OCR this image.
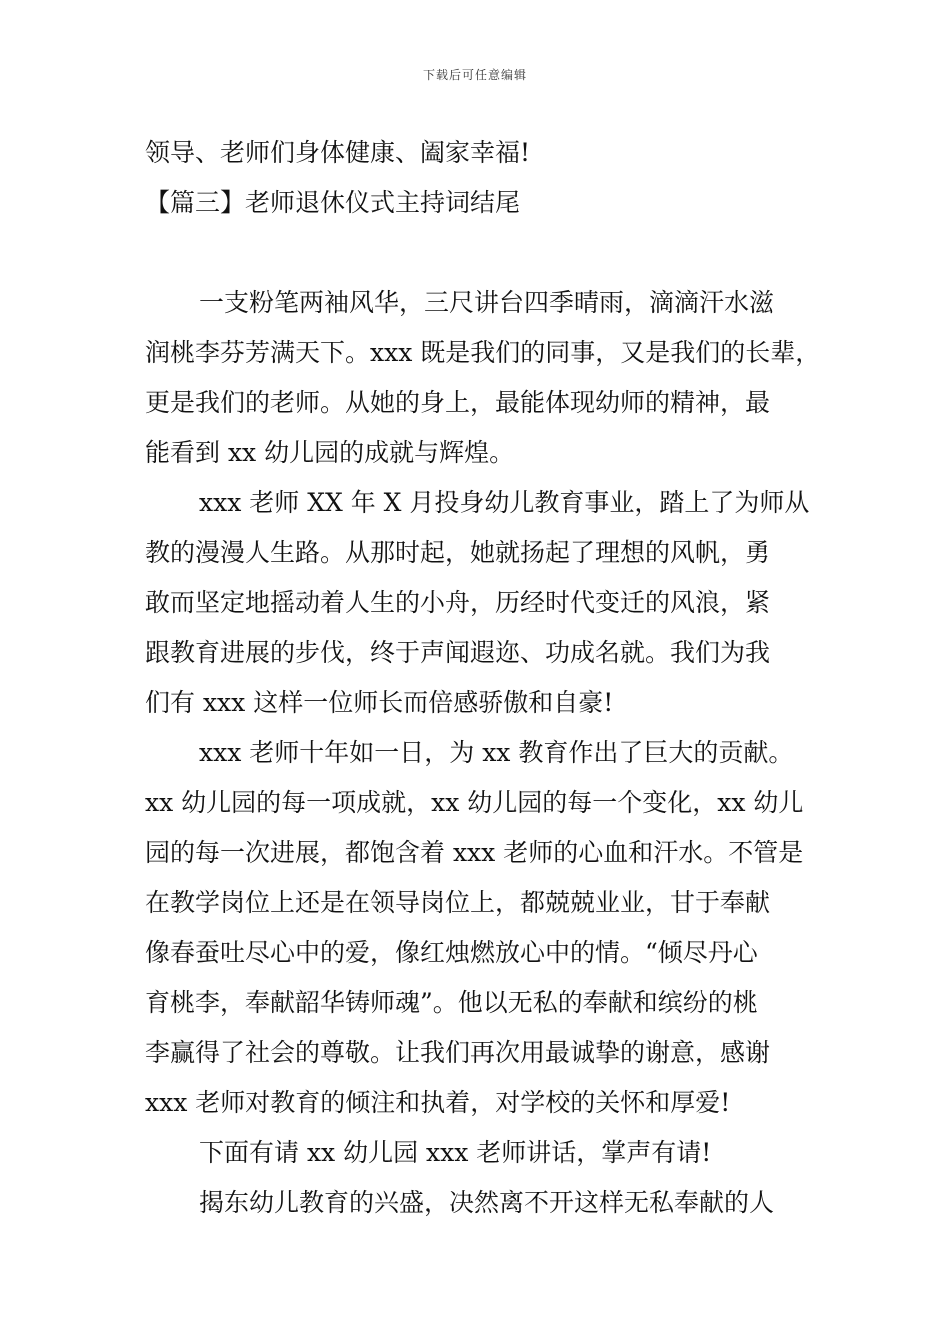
下载后可任意编辑
领导、老师们身体健康、阖家幸福!
【篇三】老师退休仪式主持词结尾
一支粉笔两袖风华，三尺讲台四季晴雨，滴滴汗水滋
润桃李芬芳满天下。xxx 既是我们的同事，又是我们的长辈，
更是我们的老师。从她的身上，最能体现幼师的精神，最
能看到 xx 幼儿园的成就与辉煌。
xxx 老师 XX 年 X 月投身幼儿教育事业，踏上了为师从
教的漫漫人生路。从那时起，她就扬起了理想的风帆，勇
敢而坚定地摇动着人生的小舟，历经时代变迁的风浪，紧
跟教育进展的步伐，终于声闻遐迩、功成名就。我们为我
们有 xxx 这样一位师长而倍感骄傲和自豪!
xxx 老师十年如一日，为 xx 教育作出了巨大的贡献。
xx 幼儿园的每一项成就，xx 幼儿园的每一个变化，xx 幼儿
园的每一次进展，都饱含着 xxx 老师的心血和汗水。不管是
在教学岗位上还是在领导岗位上，都兢兢业业，甘于奉献
像春蚕吐尽心中的爱，像红烛燃放心中的情。“倾尽丹心
育桃李，奉献韶华铸师魂”。他以无私的奉献和缤纷的桃
李赢得了社会的尊敬。让我们再次用最诚挚的谢意，感谢
xxx 老师对教育的倾注和执着，对学校的关怀和厚爱!
下面有请 xx 幼儿园 xxx 老师讲话，掌声有请!
揭东幼儿教育的兴盛，决然离不开这样无私奉献的人
